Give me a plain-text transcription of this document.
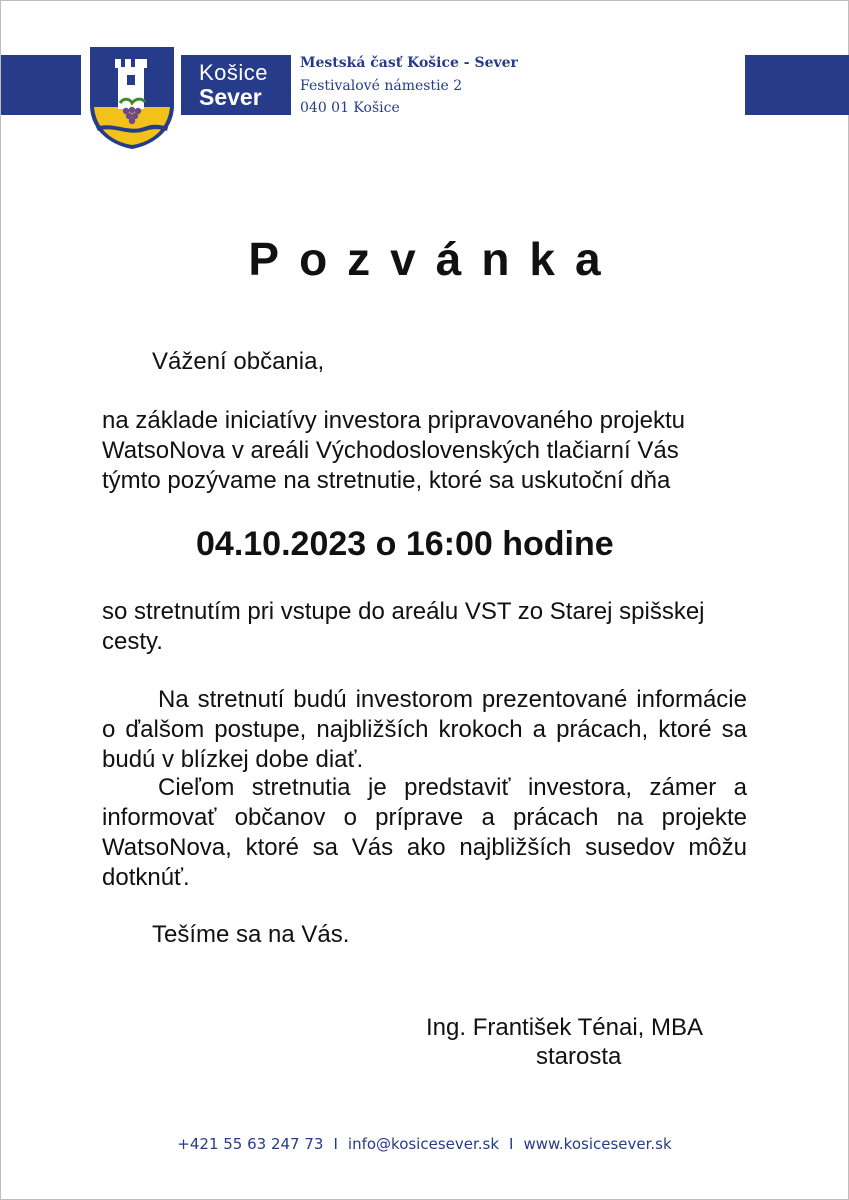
Košice
Sever
Mestská časť Košice - Sever
Festivalové námestie 2
040 01 Košice
Pozvánka
Vážení občania,
na základe iniciatívy investora pripravovaného projektu
WatsoNova v areáli Východoslovenských tlačiarní Vás
týmto pozývame na stretnutie, ktoré sa uskutoční dňa
04.10.2023 o 16:00 hodine
so stretnutím pri vstupe do areálu VST zo Starej spišskej
cesty.
Na stretnutí budú investorom prezentované informácie o ďalšom postupe, najbližších krokoch a prácach, ktoré sa budú v blízkej dobe diať.
Cieľom stretnutia je predstaviť investora, zámer a informovať občanov o príprave a prácach na projekte WatsoNova, ktoré sa Vás ako najbližších susedov môžu dotknúť.
Tešíme sa na Vás.
Ing. František Ténai, MBA
starosta
+421 55 63 247 73 I info@kosicesever.sk I www.kosicesever.sk
